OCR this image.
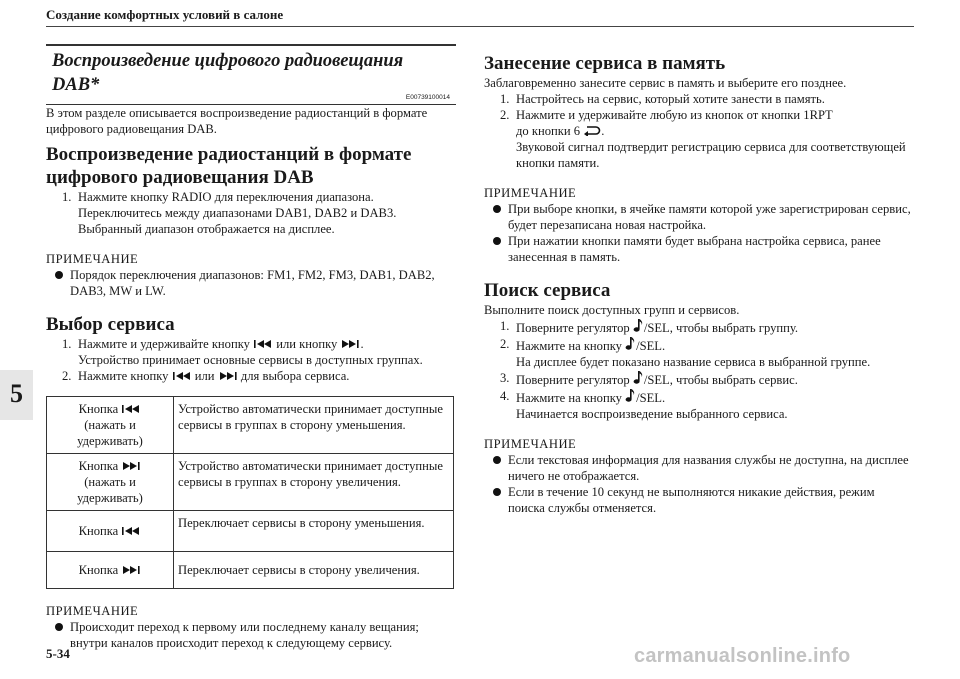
Создание комфортных условий в салоне
5
Воспроизведение цифрового радиовещания DAB*
E00739100014

В этом разделе описывается воспроизведение радиостанций в формате цифрового радиовещания DAB.

Воспроизведение радиостанций в формате
цифрового радиовещания DAB
1. Нажмите кнопку RADIO для переключения диапазона. Переключитесь между диапазонами DAB1, DAB2 и DAB3. Выбранный диапазон отображается на дисплее.
ПРИМЕЧАНИЕ
Порядок переключения диапазонов: FM1, FM2, FM3, DAB1, DAB2, DAB3, MW и LW.
Выбор сервиса
1. Нажмите и удерживайте кнопку или кнопку .
Устройство принимает основные сервисы в доступных группах.
2. Нажмите кнопку или для выбора сервиса.
Кнопка
(нажать и удерживать)	Устройство автоматически принимает доступные сервисы в группах в сторону уменьшения.
Кнопка
(нажать и удерживать)	Устройство автоматически принимает доступные сервисы в группах в сторону увеличения.
Кнопка	Переключает сервисы в сторону уменьшения.
Кнопка	Переключает сервисы в сторону увеличения.
ПРИМЕЧАНИЕ
Происходит переход к первому или последнему каналу вещания; внутри каналов происходит переход к следующему сервису.
Занесение сервиса в память

Заблаговременно занесите сервис в память и выберите его позднее.

1. Настройтесь на сервис, который хотите занести в память.
2. Нажмите и удерживайте любую из кнопок от кнопки 1RPT
до кнопки 6 .
Звуковой сигнал подтвердит регистрацию сервиса для соответствующей кнопки памяти.
ПРИМЕЧАНИЕ
При выборе кнопки, в ячейке памяти которой уже зарегистрирован сервис, будет перезаписана новая настройка.
При нажатии кнопки памяти будет выбрана настройка сервиса, ранее занесенная в память.
Поиск сервиса

Выполните поиск доступных групп и сервисов.

1. Поверните регулятор /SEL, чтобы выбрать группу.
2. Нажмите на кнопку /SEL.
На дисплее будет показано название сервиса в выбранной группе.
3. Поверните регулятор /SEL, чтобы выбрать сервис.
4. Нажмите на кнопку /SEL.
Начинается воспроизведение выбранного сервиса.
ПРИМЕЧАНИЕ
Если текстовая информация для названия службы не доступна, на дисплее ничего не отображается.
Если в течение 10 секунд не выполняются никакие действия, режим поиска службы отменяется.
5-34	carmanualsonline.info
